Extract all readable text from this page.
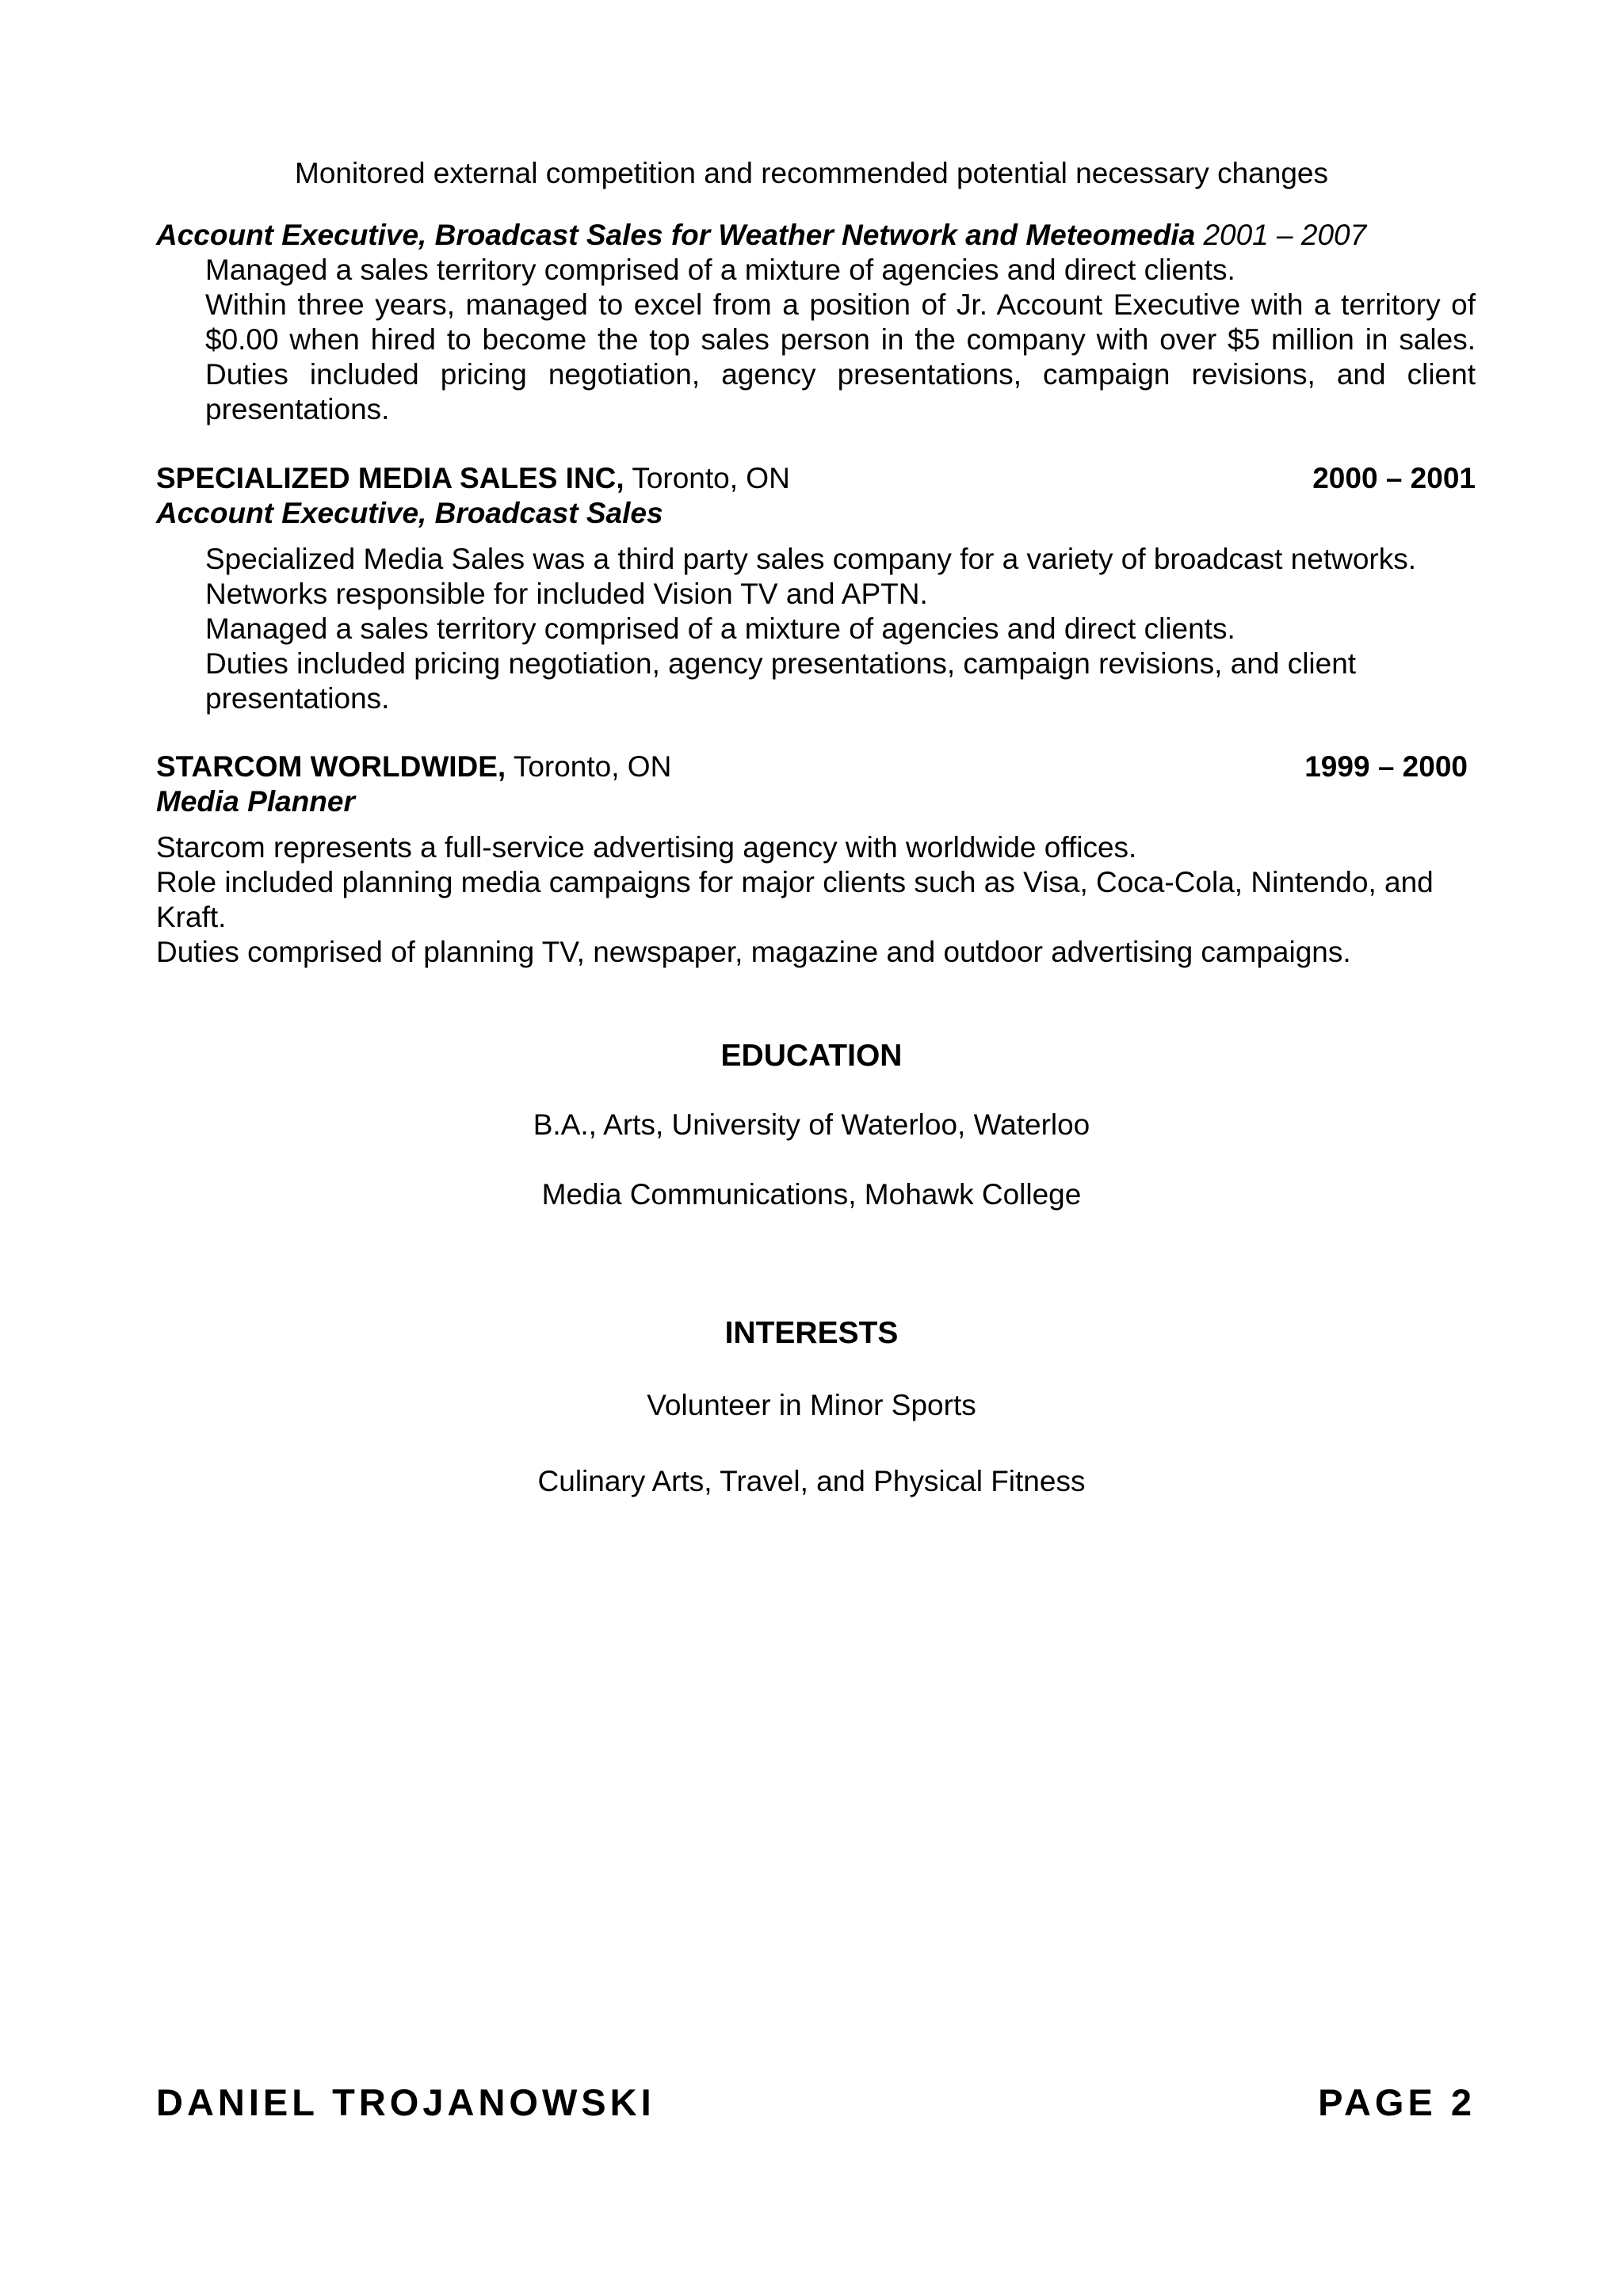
Monitored external competition and recommended potential necessary changes
Account Executive, Broadcast Sales for Weather Network and Meteomedia 2001 – 2007
Managed a sales territory comprised of a mixture of agencies and direct clients.
Within three years, managed to excel from a position of Jr. Account Executive with a territory of
$0.00 when hired to become the top sales person in the company with over $5 million in sales.
Duties included pricing negotiation, agency presentations, campaign revisions, and client
presentations.
SPECIALIZED MEDIA SALES INC, Toronto, ON	2000 – 2001
Account Executive, Broadcast Sales
Specialized Media Sales was a third party sales company for a variety of broadcast networks.
Networks responsible for included Vision TV and APTN.
Managed a sales territory comprised of a mixture of agencies and direct clients.
Duties included pricing negotiation, agency presentations, campaign revisions, and client
presentations.
STARCOM WORLDWIDE, Toronto, ON	1999 – 2000
Media Planner
Starcom represents a full-service advertising agency with worldwide offices.
Role included planning media campaigns for major clients such as Visa, Coca-Cola, Nintendo, and
Kraft.
Duties comprised of planning TV, newspaper, magazine and outdoor advertising campaigns.
EDUCATION
B.A., Arts, University of Waterloo, Waterloo
Media Communications, Mohawk College
INTERESTS
Volunteer in Minor Sports
Culinary Arts, Travel, and Physical Fitness
DANIEL TROJANOWSKI	PAGE 2
